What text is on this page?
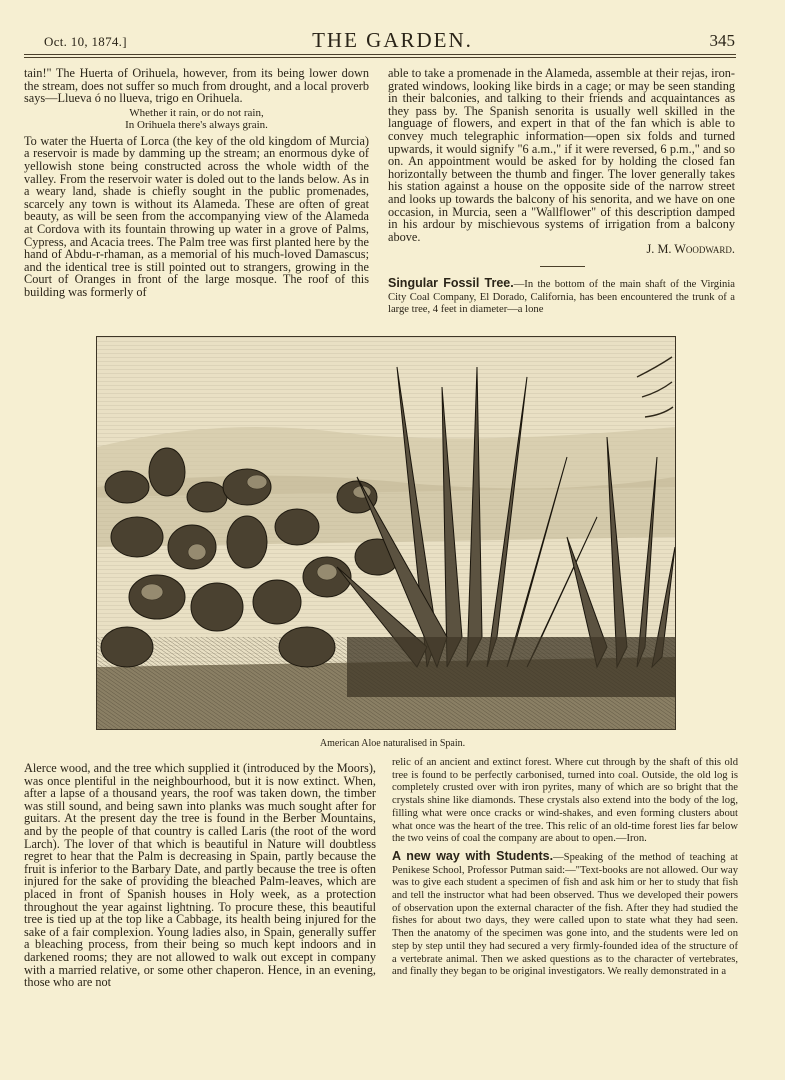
Oct. 10, 1874.]	THE GARDEN.	345

tain!" The Huerta of Orihuela, however, from its being lower down the stream, does not suffer so much from drought, and a local proverb says—Llueva ó no llueva, trigo en Orihuela.

Whether it rain, or do not rain,
In Orihuela there's always grain.

To water the Huerta of Lorca (the key of the old kingdom of Murcia) a reservoir is made by damming up the stream; an enormous dyke of yellowish stone being constructed across the whole width of the valley. From the reservoir water is doled out to the lands below. As in a weary land, shade is chiefly sought in the public promenades, scarcely any town is without its Alameda. These are often of great beauty, as will be seen from the accompanying view of the Alameda at Cordova with its fountain throwing up water in a grove of Palms, Cypress, and Acacia trees. The Palm tree was first planted here by the hand of Abdu-r-rhaman, as a memorial of his much-loved Damascus; and the identical tree is still pointed out to strangers, growing in the Court of Oranges in front of the large mosque. The roof of this building was formerly of

able to take a promenade in the Alameda, assemble at their rejas, iron-grated windows, looking like birds in a cage; or may be seen standing in their balconies, and talking to their friends and acquaintances as they pass by. The Spanish senorita is usually well skilled in the language of flowers, and expert in that of the fan which is able to convey much telegraphic information—open six folds and turned upwards, it would signify "6 a.m.," if it were reversed, 6 p.m.," and so on. An appointment would be asked for by holding the closed fan horizontally between the thumb and finger. The lover generally takes his station against a house on the opposite side of the narrow street and looks up towards the balcony of his senorita, and we have on one occasion, in Murcia, seen a "Wallflower" of this description damped in his ardour by mischievous systems of irrigation from a balcony above.

J. M. Woodward.

Singular Fossil Tree.—In the bottom of the main shaft of the Virginia City Coal Company, El Dorado, California, has been encountered the trunk of a large tree, 4 feet in diameter—a lone

American Aloe naturalised in Spain.

Alerce wood, and the tree which supplied it (introduced by the Moors), was once plentiful in the neighbourhood, but it is now extinct. When, after a lapse of a thousand years, the roof was taken down, the timber was still sound, and being sawn into planks was much sought after for guitars. At the present day the tree is found in the Berber Mountains, and by the people of that country is called Laris (the root of the word Larch). The lover of that which is beautiful in Nature will doubtless regret to hear that the Palm is decreasing in Spain, partly because the fruit is inferior to the Barbary Date, and partly because the tree is often injured for the sake of providing the bleached Palm-leaves, which are placed in front of Spanish houses in Holy week, as a protection throughout the year against lightning. To procure these, this beautiful tree is tied up at the top like a Cabbage, its health being injured for the sake of a fair complexion. Young ladies also, in Spain, generally suffer a bleaching process, from their being so much kept indoors and in darkened rooms; they are not allowed to walk out except in company with a married relative, or some other chaperon. Hence, in an evening, those who are not

relic of an ancient and extinct forest. Where cut through by the shaft of this old tree is found to be perfectly carbonised, turned into coal. Outside, the old log is completely crusted over with iron pyrites, many of which are so bright that the crystals shine like diamonds. These crystals also extend into the body of the log, filling what were once cracks or wind-shakes, and even forming clusters about what once was the heart of the tree. This relic of an old-time forest lies far below the two veins of coal the company are about to open.—Iron.

A new way with Students.—Speaking of the method of teaching at Penikese School, Professor Putman said:—"Text-books are not allowed. Our way was to give each student a specimen of fish and ask him or her to study that fish and tell the instructor what had been observed. Thus we developed their powers of observation upon the external character of the fish. After they had studied the fishes for about two days, they were called upon to state what they had seen. Then the anatomy of the specimen was gone into, and the students were led on step by step until they had secured a very firmly-founded idea of the structure of a vertebrate animal. Then we asked questions as to the character of vertebrates, and finally they began to be original investigators. We really demonstrated in a
